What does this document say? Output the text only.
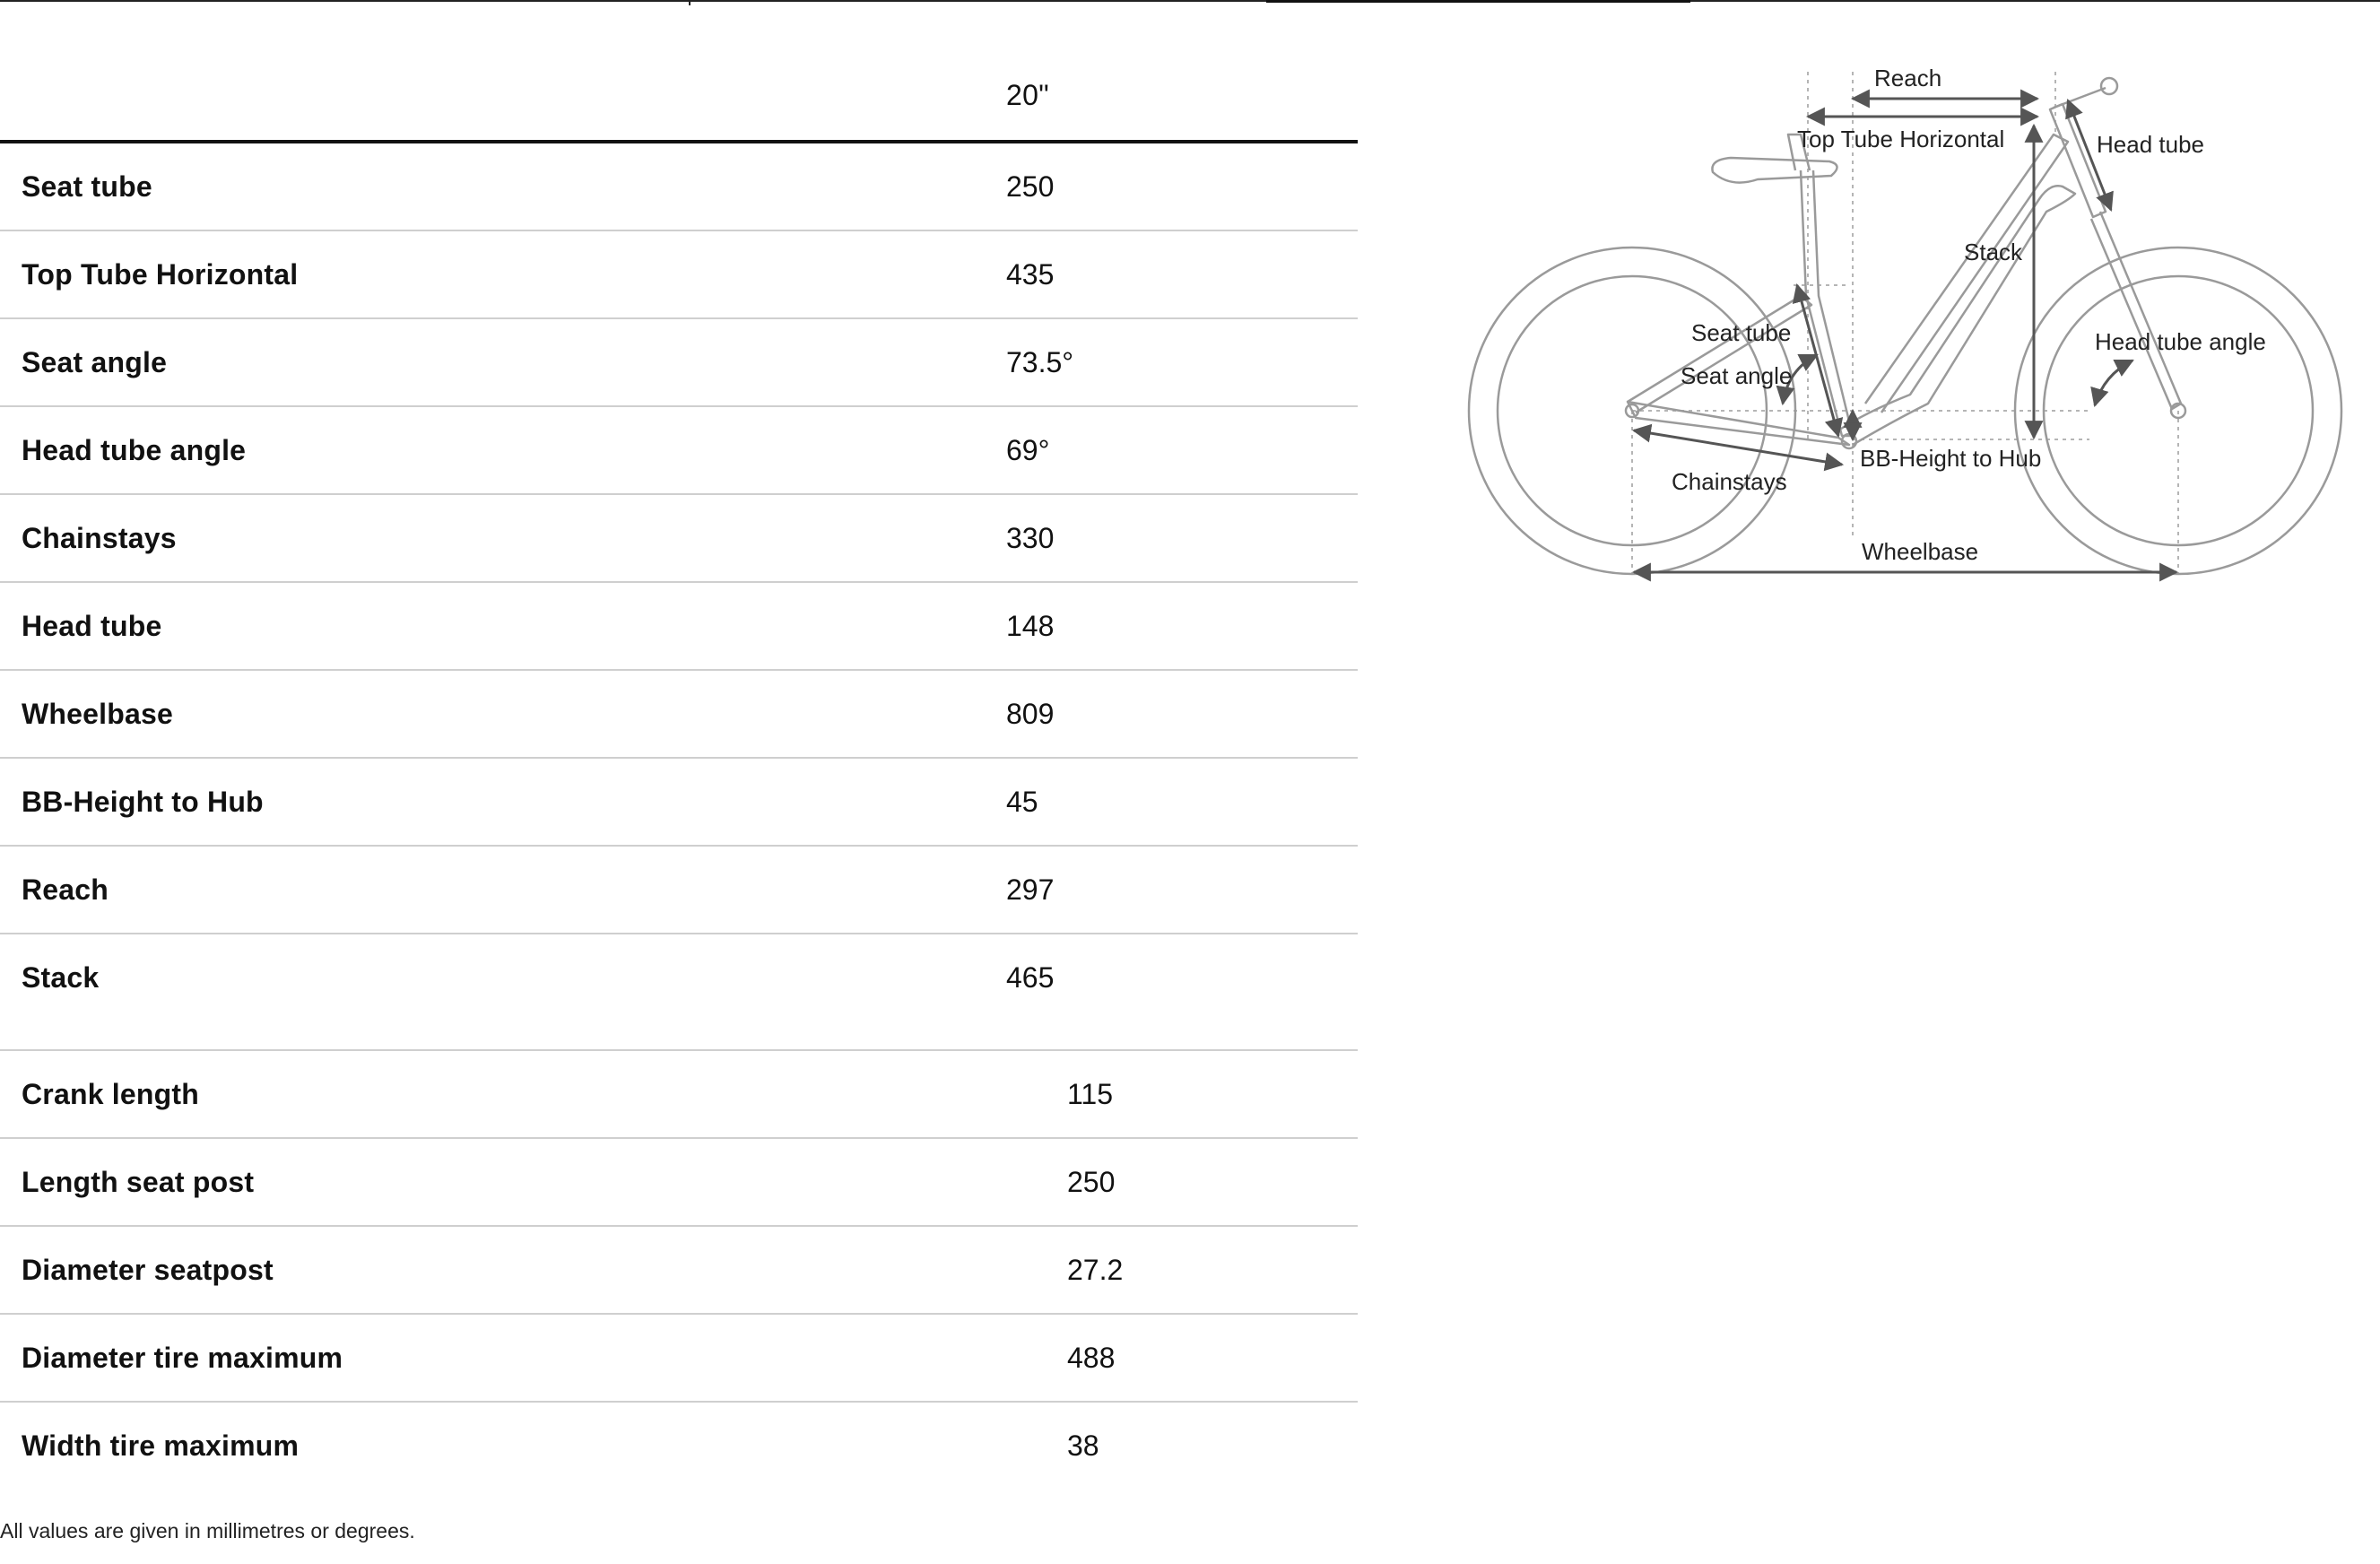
20"
Seat tube	250
Top Tube Horizontal	435
Seat angle	73.5°
Head tube angle	69°
Chainstays	330
Head tube	148
Wheelbase	809
BB-Height to Hub	45
Reach	297
Stack	465
Crank length	115
Length seat post	250
Diameter seatpost	27.2
Diameter tire maximum	488
Width tire maximum	38
All values are given in millimetres or degrees.
Reach
Top Tube Horizontal	Head tube
Stack
Seat tube
Seat angle
Head tube angle
BB-Height to Hub
Chainstays
Wheelbase
